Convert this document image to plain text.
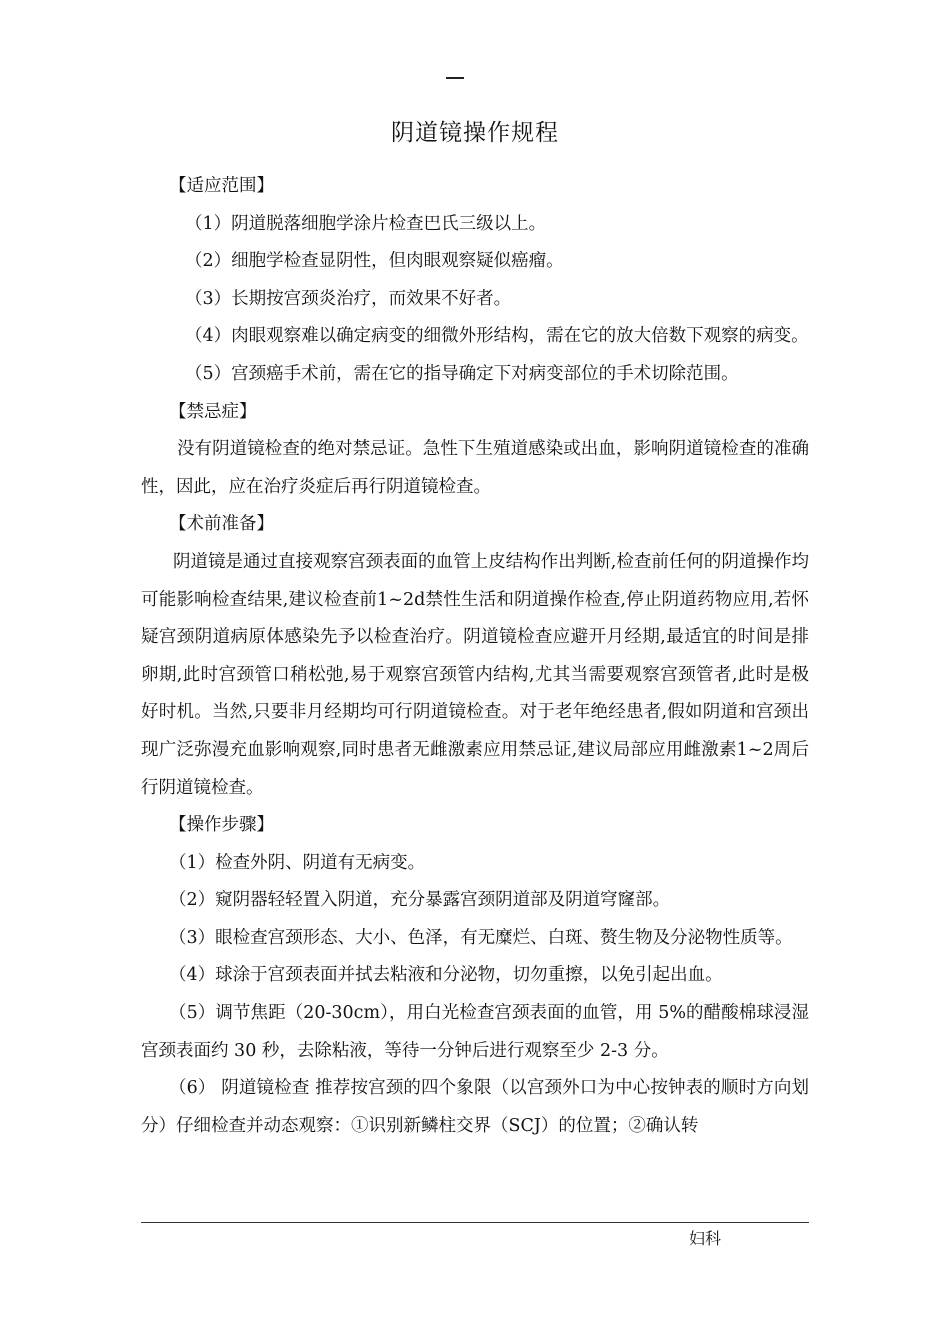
阴道镜操作规程

【适应范围】

（1）阴道脱落细胞学涂片检查巴氏三级以上。

（2）细胞学检查显阴性，但肉眼观察疑似癌瘤。

（3）长期按宫颈炎治疗，而效果不好者。

（4）肉眼观察难以确定病变的细微外形结构，需在它的放大倍数下观察的病变。

（5）宫颈癌手术前，需在它的指导确定下对病变部位的手术切除范围。

【禁忌症】

没有阴道镜检查的绝对禁忌证。急性下生殖道感染或出血，影响阴道镜检查的准确性，因此，应在治疗炎症后再行阴道镜检查。

【术前准备】

阴道镜是通过直接观察宫颈表面的血管上皮结构作出判断,检查前任何的阴道操作均可能影响检查结果,建议检查前1~2d禁性生活和阴道操作检查,停止阴道药物应用,若怀疑宫颈阴道病原体感染先予以检查治疗。阴道镜检查应避开月经期,最适宜的时间是排卵期,此时宫颈管口稍松弛,易于观察宫颈管内结构,尤其当需要观察宫颈管者,此时是极好时机。当然,只要非月经期均可行阴道镜检查。对于老年绝经患者,假如阴道和宫颈出现广泛弥漫充血影响观察,同时患者无雌激素应用禁忌证,建议局部应用雌激素1~2周后行阴道镜检查。

【操作步骤】

（1）检查外阴、阴道有无病变。

（2）窥阴器轻轻置入阴道，充分暴露宫颈阴道部及阴道穹窿部。

（3）眼检查宫颈形态、大小、色泽，有无糜烂、白斑、赘生物及分泌物性质等。

（4）球涂于宫颈表面并拭去粘液和分泌物，切勿重擦，以免引起出血。

（5）调节焦距（20-30cm），用白光检查宫颈表面的血管，用 5%的醋酸棉球浸湿宫颈表面约 30 秒，去除粘液，等待一分钟后进行观察至少 2-3 分。

（6） 阴道镜检查 推荐按宫颈的四个象限（以宫颈外口为中心按钟表的顺时方向划分）仔细检查并动态观察：①识别新鳞柱交界（SCJ）的位置；②确认转

妇科
